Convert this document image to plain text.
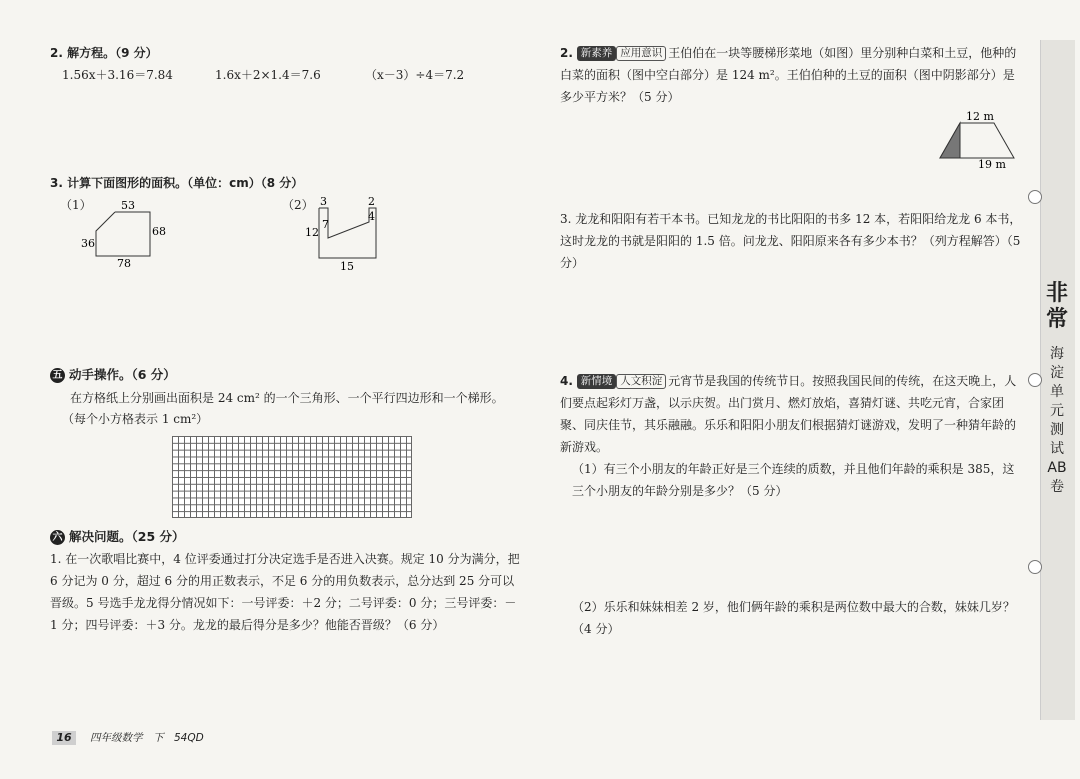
2. 解方程。（9 分）
1.56x＋3.16＝7.84	1.6x＋2×1.4＝7.6	（x－3）÷4＝7.2
3. 计算下面图形的面积。（单位：cm）（8 分）
（1）	（2）
53
36
68
78
3	2
4
7
12
15
五 动手操作。（6 分）
在方格纸上分别画出面积是 24 cm² 的一个三角形、一个平行四边形和一个梯形。
（每个小方格表示 1 cm²）
六 解决问题。（25 分）
1. 在一次歌唱比赛中，4 位评委通过打分决定选手是否进入决赛。规定 10 分为满分，把 6 分记为 0 分，超过 6 分的用正数表示，不足 6 分的用负数表示，总分达到 25 分可以晋级。5 号选手龙龙得分情况如下：一号评委：＋2 分；二号评委：0 分；三号评委：－1 分；四号评委：＋3 分。龙龙的最后得分是多少？他能否晋级？（6 分）
2. 新素养 应用意识 王伯伯在一块等腰梯形菜地（如图）里分别种白菜和土豆，他种的白菜的面积（图中空白部分）是 124 m²。王伯伯种的土豆的面积（图中阴影部分）是多少平方米？（5 分）
12 m
19 m
3. 龙龙和阳阳有若干本书。已知龙龙的书比阳阳的书多 12 本，若阳阳给龙龙 6 本书，这时龙龙的书就是阳阳的 1.5 倍。问龙龙、阳阳原来各有多少本书？（列方程解答）（5 分）
4. 新情境 人文积淀 元宵节是我国的传统节日。按照我国民间的传统，在这天晚上，人们要点起彩灯万盏，以示庆贺。出门赏月、燃灯放焰，喜猜灯谜、共吃元宵，合家团聚、同庆佳节，其乐融融。乐乐和阳阳小朋友们根据猜灯谜游戏，发明了一种猜年龄的新游戏。
（1）有三个小朋友的年龄正好是三个连续的质数，并且他们年龄的乘积是 385，这三个小朋友的年龄分别是多少？（5 分）
（2）乐乐和妹妹相差 2 岁，他们俩年龄的乘积是两位数中最大的合数，妹妹几岁？（4 分）
非常
海淀单元测试AB卷
16	四年级数学　下　54QD
